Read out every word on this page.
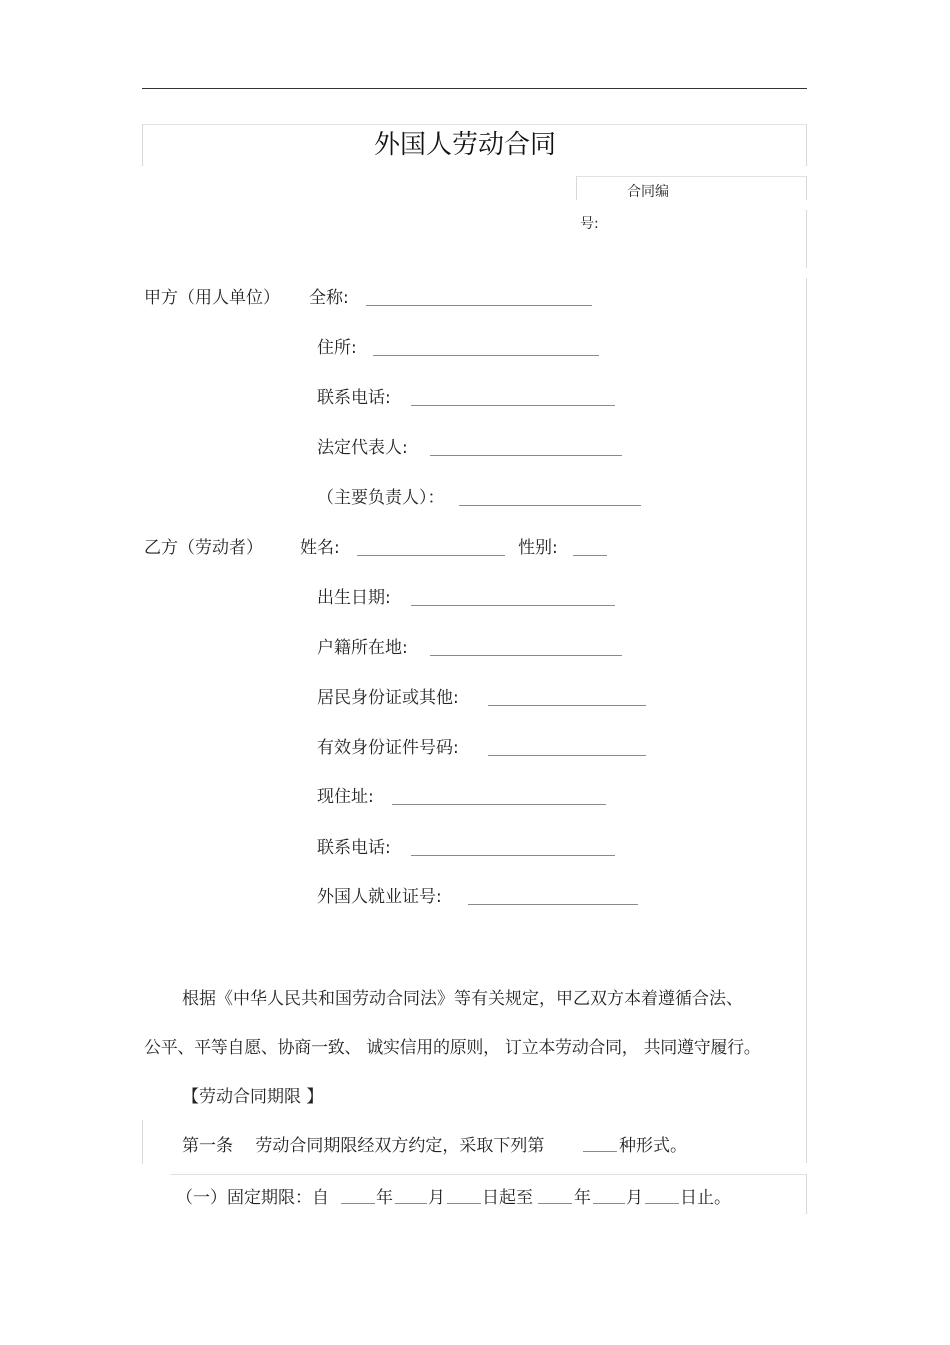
外国人劳动合同
合同编
号:
甲方（用人单位） 全称:
住所:
联系电话:
法定代表人:
（主要负责人）：
乙方（劳动者） 姓名:	性别:
出生日期:
户籍所在地:
居民身份证或其他:
有效身份证件号码:
现住址:
联系电话:
外国人就业证号:
根据《中华人民共和国劳动合同法》等有关规定，甲乙双方本着遵循合法、
公平、平等自愿、协商一致、 诚实信用的原则， 订立本劳动合同， 共同遵守履行。
【劳动合同期限 】
第一条　 劳动合同期限经双方约定，采取下列第	种形式。
（一）固定期限：自	年 月 日起至 年 月 日止。
